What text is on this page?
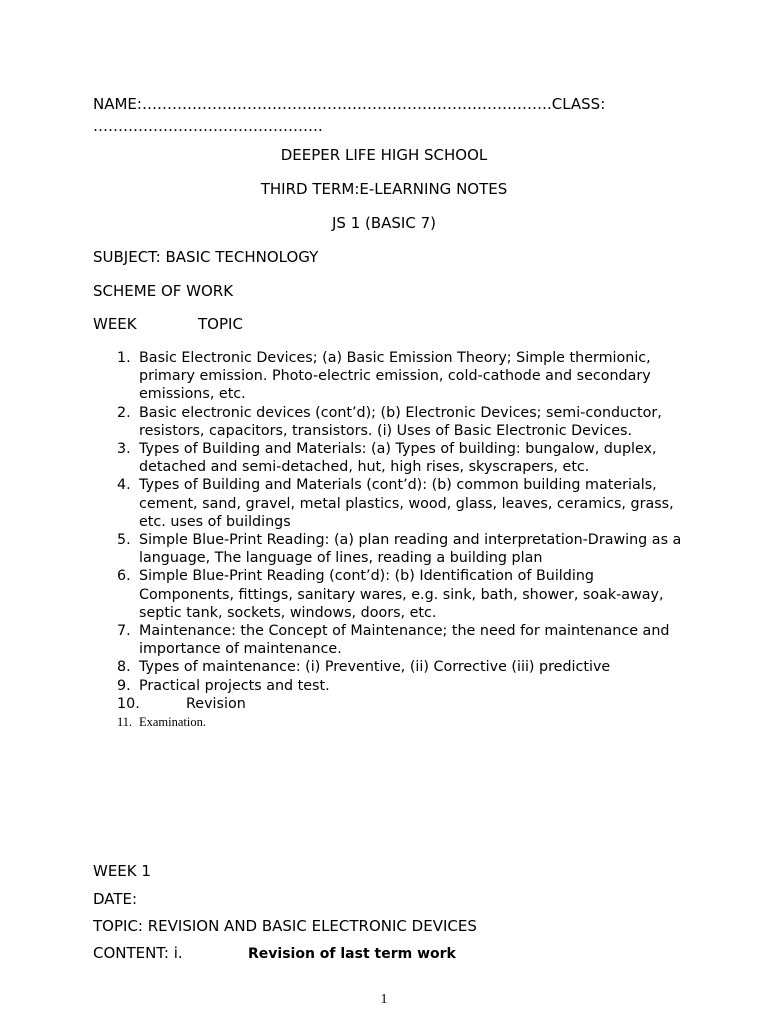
NAME:……………………………………………………………………….CLASS: ……………………………………….
DEEPER LIFE HIGH SCHOOL
THIRD TERM:E-LEARNING NOTES
JS 1 (BASIC 7)
SUBJECT: BASIC TECHNOLOGY
SCHEME OF WORK
WEEK	TOPIC
1. Basic Electronic Devices; (a) Basic Emission Theory; Simple thermionic, primary emission. Photo-electric emission, cold-cathode and secondary emissions, etc.
2. Basic electronic devices (cont’d); (b) Electronic Devices; semi-conductor, resistors, capacitors, transistors. (i) Uses of Basic Electronic Devices.
3. Types of Building and Materials: (a) Types of building: bungalow, duplex, detached and semi-detached, hut, high rises, skyscrapers, etc.
4. Types of Building and Materials (cont’d): (b) common building materials, cement, sand, gravel, metal plastics, wood, glass, leaves, ceramics, grass, etc. uses of buildings
5. Simple Blue-Print Reading: (a) plan reading and interpretation-Drawing as a language, The language of lines, reading a building plan
6. Simple Blue-Print Reading (cont’d): (b) Identification of Building Components, fittings, sanitary wares, e.g. sink, bath, shower, soak-away, septic tank, sockets, windows, doors, etc.
7. Maintenance: the Concept of Maintenance; the need for maintenance and importance of maintenance.
8. Types of maintenance: (i) Preventive, (ii) Corrective (iii) predictive
9. Practical projects and test.
10.	Revision
11. Examination.
WEEK 1
DATE:
TOPIC: REVISION AND BASIC ELECTRONIC DEVICES
CONTENT: i.	Revision of last term work
1
